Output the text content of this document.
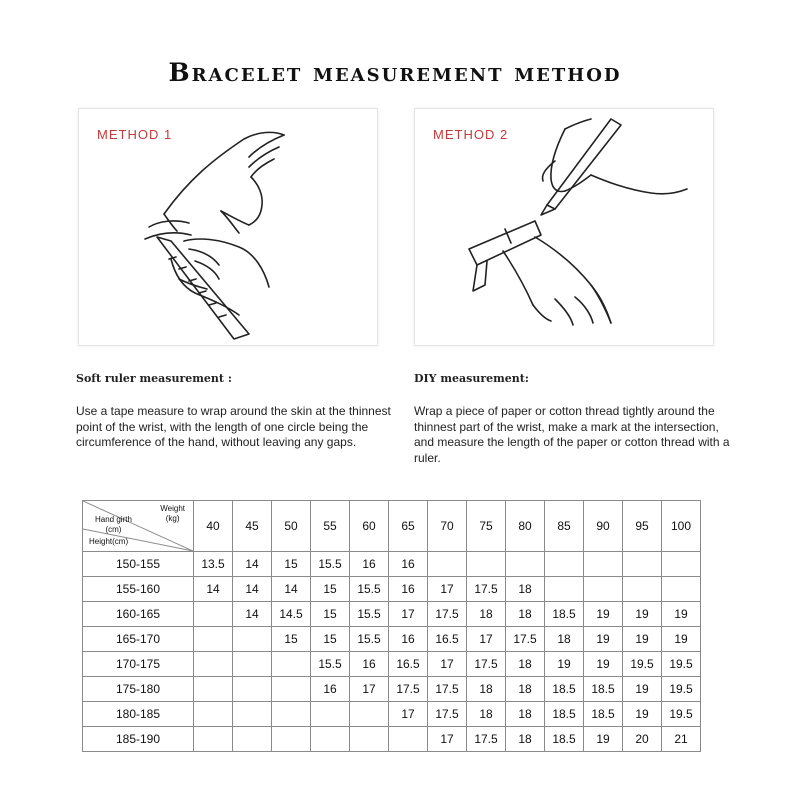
Bracelet measurement method
METHOD 1	METHOD 2
Soft ruler measurement :
Use a tape measure to wrap around the skin at the thinnest point of the wrist, with the length of one circle being the circumference of the hand, without leaving any gaps.
DIY measurement:
Wrap a piece of paper or cotton thread tightly around the thinnest part of the wrist, make a mark at the intersection, and measure the length of the paper or cotton thread with a ruler.
Weight
(kg)
Hand girth
(cm)
Height(cm)	40	45	50	55	60	65	70	75	80	85	90	95	100
150-155	13.5	14	15	15.5	16	16							
155-160	14	14	14	15	15.5	16	17	17.5	18				
160-165		14	14.5	15	15.5	17	17.5	18	18	18.5	19	19	19
165-170			15	15	15.5	16	16.5	17	17.5	18	19	19	19
170-175				15.5	16	16.5	17	17.5	18	19	19	19.5	19.5
175-180				16	17	17.5	17.5	18	18	18.5	18.5	19	19.5
180-185						17	17.5	18	18	18.5	18.5	19	19.5
185-190							17	17.5	18	18.5	19	20	21
